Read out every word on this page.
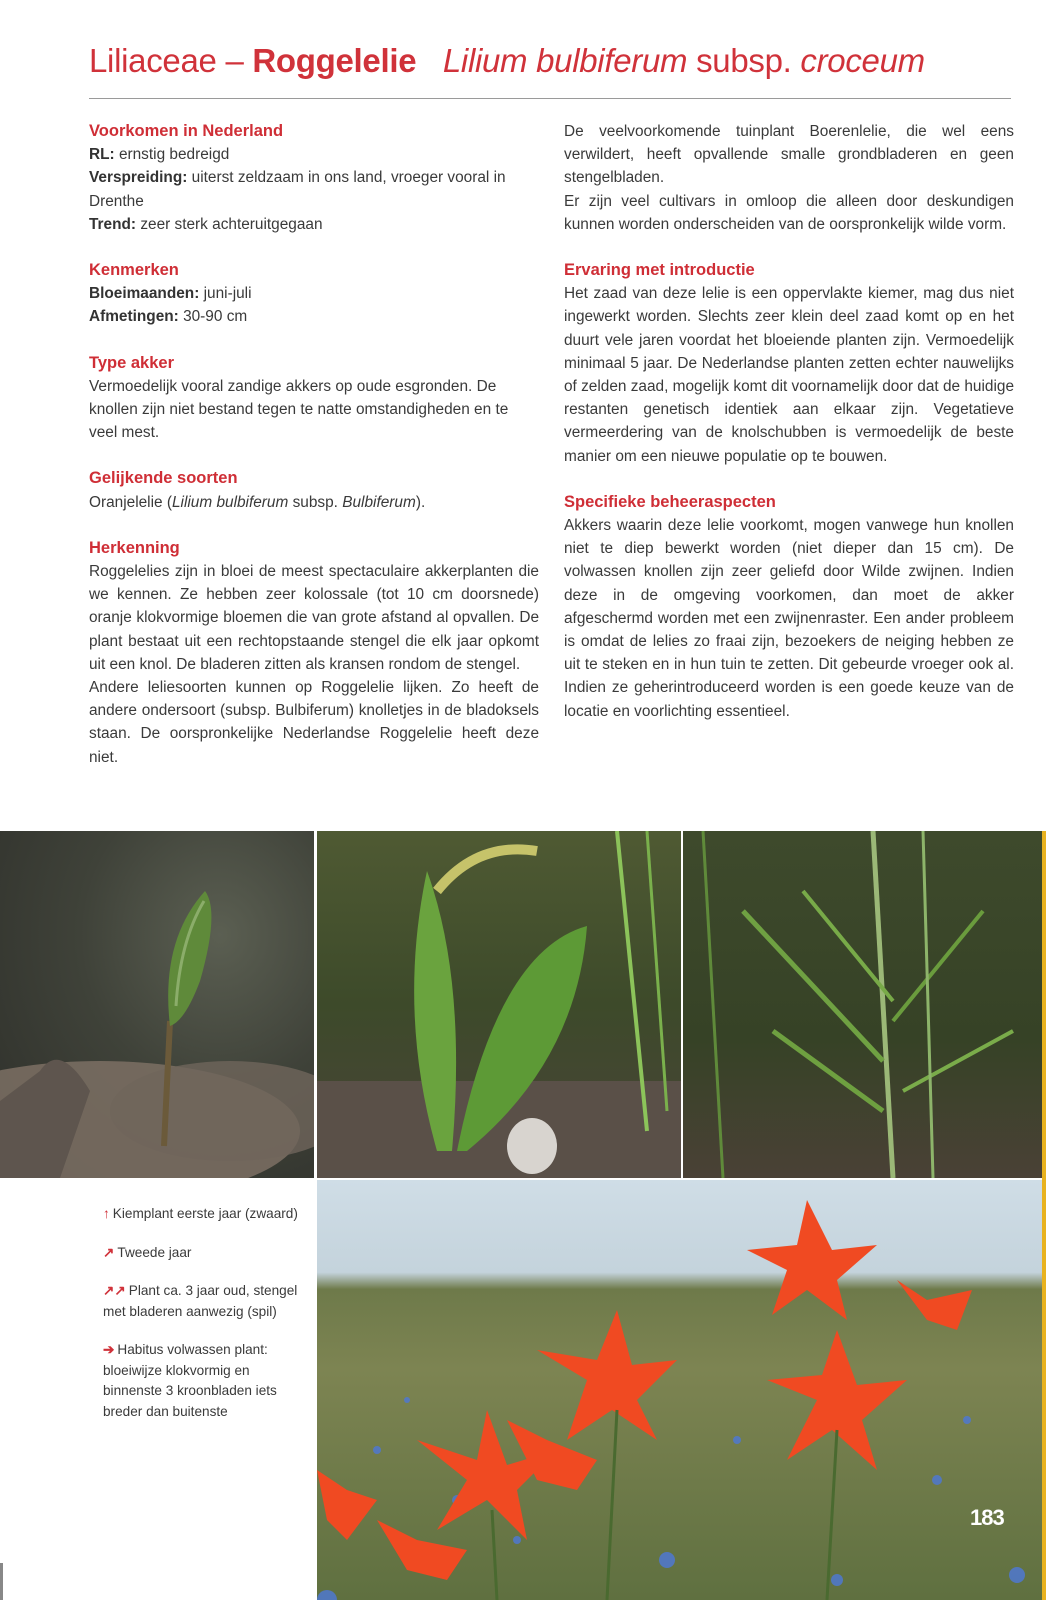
Liliaceae – Roggelelie Lilium bulbiferum subsp. croceum

Voorkomen in Nederland

RL: ernstig bedreigd

Verspreiding: uiterst zeldzaam in ons land, vroeger vooral in Drenthe

Trend: zeer sterk achteruitgegaan

Kenmerken

Bloeimaanden: juni-juli

Afmetingen: 30-90 cm

Type akker

Vermoedelijk vooral zandige akkers op oude esgronden. De knollen zijn niet bestand tegen te natte omstandigheden en te veel mest.

Gelijkende soorten

Oranjelelie (Lilium bulbiferum subsp. Bulbiferum).

Herkenning

Roggelelies zijn in bloei de meest spectaculaire akkerplanten die we kennen. Ze hebben zeer kolossale (tot 10 cm doorsnede) oranje klokvormige bloemen die van grote afstand al opvallen. De plant bestaat uit een rechtopstaande stengel die elk jaar opkomt uit een knol. De bladeren zitten als kransen rondom de stengel.

Andere leliesoorten kunnen op Roggelelie lijken. Zo heeft de andere ondersoort (subsp. Bulbiferum) knolletjes in de bladoksels staan. De oorspronkelijke Nederlandse Roggelelie heeft deze niet.

De veelvoorkomende tuinplant Boerenlelie, die wel eens verwildert, heeft opvallende smalle grondbladeren en geen stengelbladen.

Er zijn veel cultivars in omloop die alleen door deskundigen kunnen worden onderscheiden van de oorspronkelijk wilde vorm.

Ervaring met introductie

Het zaad van deze lelie is een oppervlakte kiemer, mag dus niet ingewerkt worden. Slechts zeer klein deel zaad komt op en het duurt vele jaren voordat het bloeiende planten zijn. Vermoedelijk minimaal 5 jaar. De Nederlandse planten zetten echter nauwelijks of zelden zaad, mogelijk komt dit voornamelijk door dat de huidige restanten genetisch identiek aan elkaar zijn. Vegetatieve vermeerdering van de knolschubben is vermoedelijk de beste manier om een nieuwe populatie op te bouwen.

Specifieke beheeraspecten

Akkers waarin deze lelie voorkomt, mogen vanwege hun knollen niet te diep bewerkt worden (niet dieper dan 15 cm). De volwassen knollen zijn zeer geliefd door Wilde zwijnen. Indien deze in de omgeving voorkomen, dan moet de akker afgeschermd worden met een zwijnenraster. Een ander probleem is omdat de lelies zo fraai zijn, bezoekers de neiging hebben ze uit te steken en in hun tuin te zetten. Dit gebeurde vroeger ook al. Indien ze geherintroduceerd worden is een goede keuze van de locatie en voorlichting essentieel.

183

↑ Kiemplant eerste jaar (zwaard)

↗ Tweede jaar

↗↗ Plant ca. 3 jaar oud, stengel met bladeren aanwezig (spil)

➔ Habitus volwassen plant: bloeiwijze klokvormig en binnenste 3 kroonbladen iets breder dan buitenste
